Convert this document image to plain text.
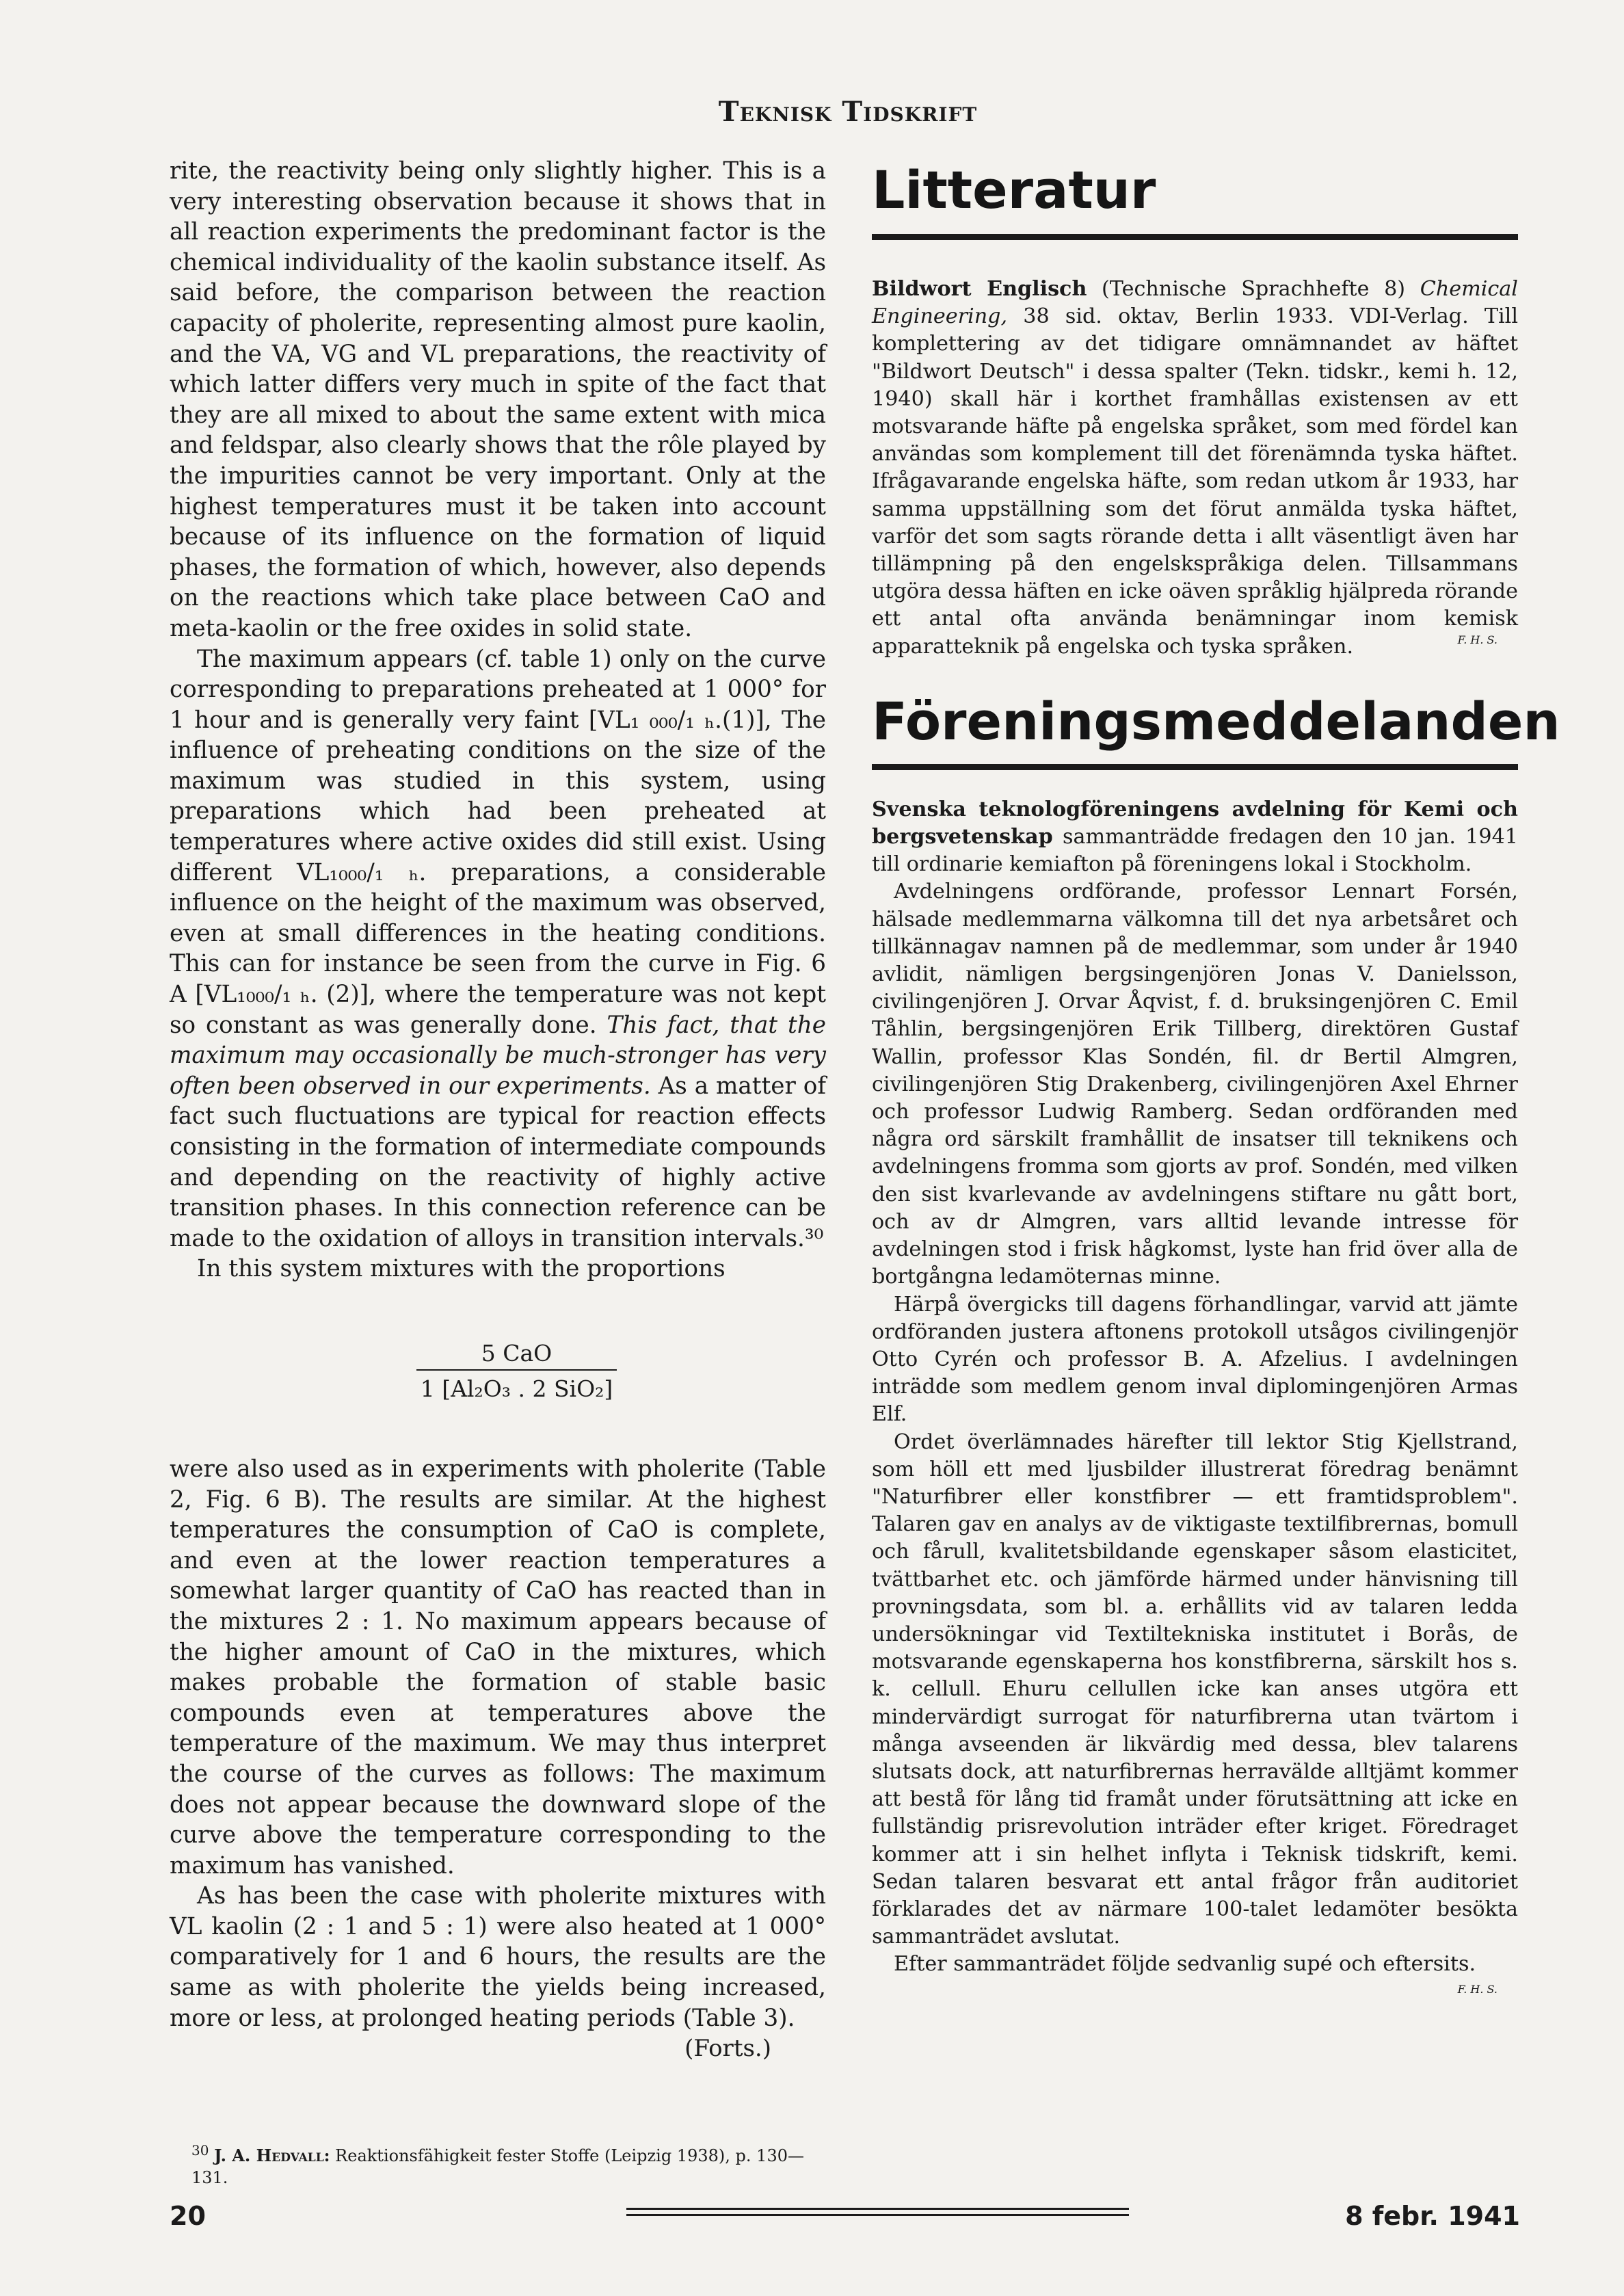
Teknisk Tidskrift

rite, the reactivity being only slightly higher. This is a very interesting observation because it shows that in all reaction experiments the predominant factor is the chemical individuality of the kaolin substance itself. As said before, the comparison between the reaction capacity of pholerite, representing almost pure kaolin, and the VA, VG and VL preparations, the reactivity of which latter differs very much in spite of the fact that they are all mixed to about the same extent with mica and feldspar, also clearly shows that the rôle played by the impurities cannot be very important. Only at the highest temperatures must it be taken into account because of its influence on the formation of liquid phases, the formation of which, however, also depends on the reactions which take place between CaO and meta-kaolin or the free oxides in solid state.

The maximum appears (cf. table 1) only on the curve corresponding to preparations preheated at 1 000° for 1 hour and is generally very faint [VL₁ ₀₀₀/₁ ₕ.(1)], The influence of preheating conditions on the size of the maximum was studied in this system, using preparations which had been preheated at temperatures where active oxides did still exist. Using different VL₁₀₀₀/₁ ₕ. preparations, a considerable influence on the height of the maximum was observed, even at small differences in the heating conditions. This can for instance be seen from the curve in Fig. 6 A [VL₁₀₀₀/₁ ₕ. (2)], where the temperature was not kept so constant as was generally done. This fact, that the maximum may occasionally be much-stronger has very often been observed in our experiments. As a matter of fact such fluctuations are typical for reaction effects consisting in the formation of intermediate compounds and depending on the reactivity of highly active transition phases. In this connection reference can be made to the oxidation of alloys in transition intervals.³⁰

In this system mixtures with the proportions

5 CaO
1 [Al₂O₃ . 2 SiO₂]

were also used as in experiments with pholerite (Table 2, Fig. 6 B). The results are similar. At the highest temperatures the consumption of CaO is complete, and even at the lower reaction temperatures a somewhat larger quantity of CaO has reacted than in the mixtures 2 : 1. No maximum appears because of the higher amount of CaO in the mixtures, which makes probable the formation of stable basic compounds even at temperatures above the temperature of the maximum. We may thus interpret the course of the curves as follows: The maximum does not appear because the downward slope of the curve above the temperature corresponding to the maximum has vanished.

As has been the case with pholerite mixtures with VL kaolin (2 : 1 and 5 : 1) were also heated at 1 000° comparatively for 1 and 6 hours, the results are the same as with pholerite the yields being increased, more or less, at prolonged heating periods (Table 3).

(Forts.)
$^{30}$ J. A. Hedvall: Reaktionsfähigkeit fester Stoffe (Leipzig 1938), p. 130—131.
Litteratur

Bildwort Englisch (Technische Sprachhefte 8) Chemical Engineering, 38 sid. oktav, Berlin 1933. VDI-Verlag. Till komplettering av det tidigare omnämnandet av häftet "Bildwort Deutsch" i dessa spalter (Tekn. tidskr., kemi h. 12, 1940) skall här i korthet framhållas existensen av ett motsvarande häfte på engelska språket, som med fördel kan användas som komplement till det förenämnda tyska häftet. Ifrågavarande engelska häfte, som redan utkom år 1933, har samma uppställning som det förut anmälda tyska häftet, varför det som sagts rörande detta i allt väsentligt även har tillämpning på den engelskspråkiga delen. Tillsammans utgöra dessa häften en icke oäven språklig hjälpreda rörande ett antal ofta använda benämningar inom kemisk apparatteknik på engelska och tyska språken.	F. H. S.
Föreningsmeddelanden

Svenska teknologföreningens avdelning för Kemi och bergsvetenskap sammanträdde fredagen den 10 jan. 1941 till ordinarie kemiafton på föreningens lokal i Stockholm.

Avdelningens ordförande, professor Lennart Forsén, hälsade medlemmarna välkomna till det nya arbetsåret och tillkännagav namnen på de medlemmar, som under år 1940 avlidit, nämligen bergsingenjören Jonas V. Danielsson, civilingenjören J. Orvar Åqvist, f. d. bruksingenjören C. Emil Tåhlin, bergsingenjören Erik Tillberg, direktören Gustaf Wallin, professor Klas Sondén, fil. dr Bertil Almgren, civilingenjören Stig Drakenberg, civilingenjören Axel Ehrner och professor Ludwig Ramberg. Sedan ordföranden med några ord särskilt framhållit de insatser till teknikens och avdelningens fromma som gjorts av prof. Sondén, med vilken den sist kvarlevande av avdelningens stiftare nu gått bort, och av dr Almgren, vars alltid levande intresse för avdelningen stod i frisk hågkomst, lyste han frid över alla de bortgångna ledamöternas minne.

Härpå övergicks till dagens förhandlingar, varvid att jämte ordföranden justera aftonens protokoll utsågos civilingenjör Otto Cyrén och professor B. A. Afzelius. I avdelningen inträdde som medlem genom inval diplomingenjören Armas Elf.

Ordet överlämnades härefter till lektor Stig Kjellstrand, som höll ett med ljusbilder illustrerat föredrag benämnt "Naturfibrer eller konstfibrer — ett framtidsproblem". Talaren gav en analys av de viktigaste textilfibrernas, bomull och fårull, kvalitetsbildande egenskaper såsom elasticitet, tvättbarhet etc. och jämförde härmed under hänvisning till provningsdata, som bl. a. erhållits vid av talaren ledda undersökningar vid Textiltekniska institutet i Borås, de motsvarande egenskaperna hos konstfibrerna, särskilt hos s. k. cellull. Ehuru cellullen icke kan anses utgöra ett mindervärdigt surrogat för naturfibrerna utan tvärtom i många avseenden är likvärdig med dessa, blev talarens slutsats dock, att naturfibrernas herravälde alltjämt kommer att bestå för lång tid framåt under förutsättning att icke en fullständig prisrevolution inträder efter kriget. Föredraget kommer att i sin helhet inflyta i Teknisk tidskrift, kemi. Sedan talaren besvarat ett antal frågor från auditoriet förklarades det av närmare 100-talet ledamöter besökta sammanträdet avslutat.

Efter sammanträdet följde sedvanlig supé och eftersits.

F. H. S.
20	8 febr. 1941
